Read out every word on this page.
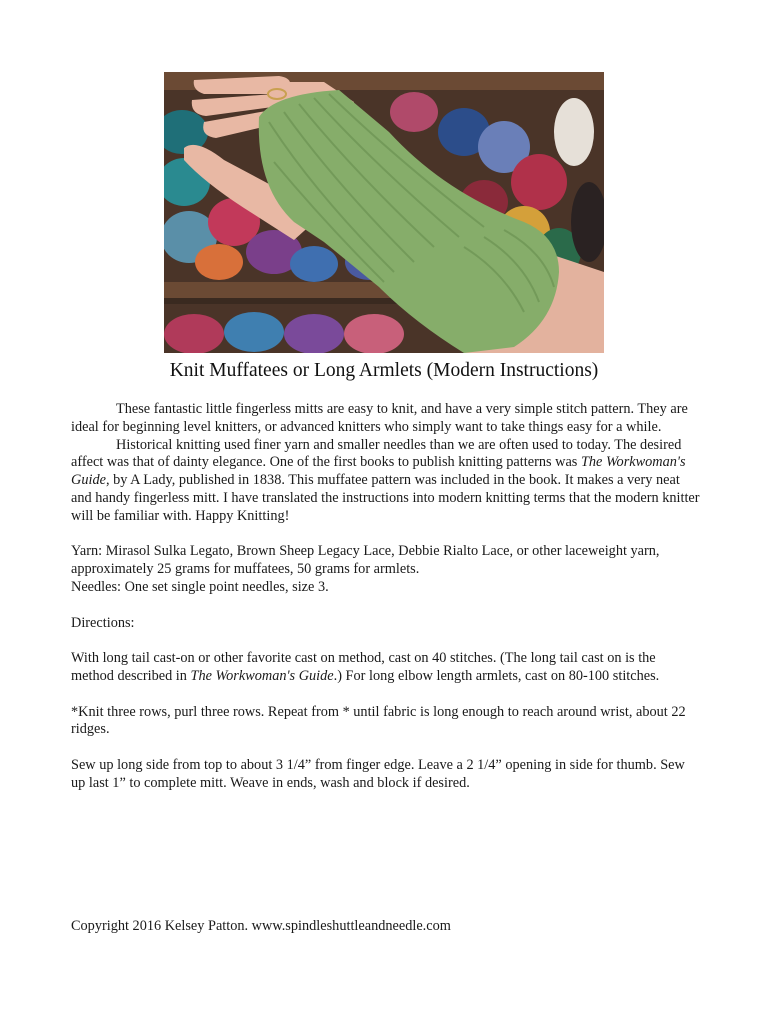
Knit Muffatees or Long Armlets (Modern Instructions)

These fantastic little fingerless mitts are easy to knit, and have a very simple stitch pattern. They are ideal for beginning level knitters, or advanced knitters who simply want to take things easy for a while.

Historical knitting used finer yarn and smaller needles than we are often used to today. The desired affect was that of dainty elegance. One of the first books to publish knitting patterns was The Workwoman's Guide, by A Lady, published in 1838. This muffatee pattern was included in the book. It makes a very neat and handy fingerless mitt. I have translated the instructions into modern knitting terms that the modern knitter will be familiar with. Happy Knitting!

Yarn: Mirasol Sulka Legato, Brown Sheep Legacy Lace, Debbie Rialto Lace, or other laceweight yarn, approximately 25 grams for muffatees, 50 grams for armlets.

Needles: One set single point needles, size 3.

Directions:

With long tail cast-on or other favorite cast on method, cast on 40 stitches. (The long tail cast on is the method described in The Workwoman's Guide.) For long elbow length armlets, cast on 80-100 stitches.

*Knit three rows, purl three rows. Repeat from * until fabric is long enough to reach around wrist, about 22 ridges.

Sew up long side from top to about 3 1/4” from finger edge. Leave a 2 1/4” opening in side for thumb. Sew up last 1” to complete mitt. Weave in ends, wash and block if desired.

Copyright 2016 Kelsey Patton. www.spindleshuttleandneedle.com
